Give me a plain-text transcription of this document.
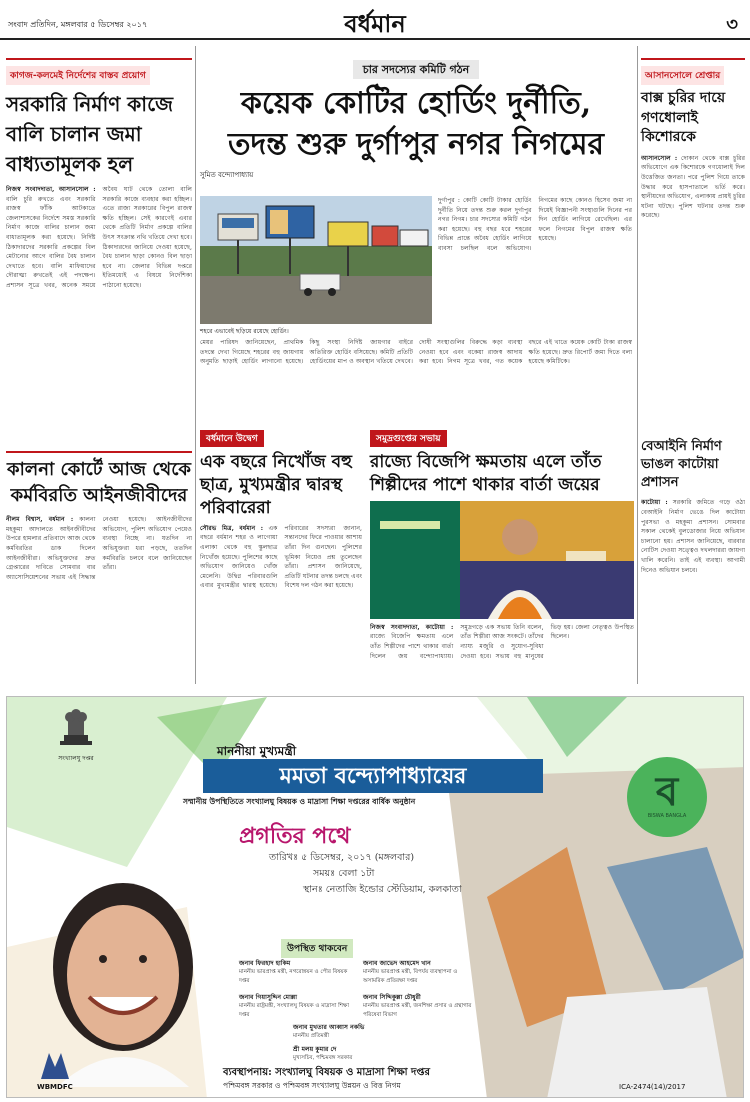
সংবাদ প্রতিদিন, মঙ্গলবার ৫ ডিসেম্বর ২০১৭	বর্ধমান	৩
কাগজ-কলমেই নির্দেশের বাস্তব প্রয়োগ
সরকারি নির্মাণ কাজে বালি চালান জমা বাধ্যতামূলক হল
নিজস্ব সংবাদদাতা, আসানসোল : বালি চুরি রুখতে এবং সরকারি রাজস্ব ফাঁকি আটকাতে জেলাশাসকের নির্দেশে সমস্ত সরকারি নির্মাণ কাজে বালির চালান জমা বাধ্যতামূলক করা হয়েছে। নির্দিষ্ট ঠিকাদারদের সরকারি প্রকল্পের বিল মেটানোর আগে বালির বৈধ চালান দেখাতে হবে। বালি মাফিয়াদের দৌরাত্ম্য রুখতেই এই পদক্ষেপ। প্রশাসন সূত্রে খবর, অনেক সময়ে অবৈধ ঘাট থেকে তোলা বালি সরকারি কাজে ব্যবহার করা হচ্ছিল। এতে রাজ্য সরকারের বিপুল রাজস্ব ক্ষতি হচ্ছিল। সেই কারণেই এবার থেকে প্রতিটি নির্মাণ প্রকল্পে বালির উৎস সংক্রান্ত নথি খতিয়ে দেখা হবে। ঠিকাদারদের জানিয়ে দেওয়া হয়েছে, বৈধ চালান ছাড়া কোনও বিল ছাড়া হবে না। জেলার বিভিন্ন দপ্তরে ইতিমধ্যেই এ বিষয়ে নির্দেশিকা পাঠানো হয়েছে।
কালনা কোর্টে আজ থেকে কর্মবিরতি আইনজীবীদের
নীলম বিশ্বাস, বর্ধমান : কালনা মহকুমা আদালতে আইনজীবীদের উপরে হামলার প্রতিবাদে আজ থেকে কর্মবিরতির ডাক দিলেন আইনজীবীরা। অভিযুক্তদের দ্রুত গ্রেপ্তারের দাবিতে সোমবার বার অ্যাসোসিয়েশনের সভায় এই সিদ্ধান্ত নেওয়া হয়েছে। আইনজীবীদের অভিযোগ, পুলিশ অভিযোগ পেয়েও ব্যবস্থা নিচ্ছে না। যতদিন না অভিযুক্তরা ধরা পড়ছে, ততদিন কর্মবিরতি চলবে বলে জানিয়েছেন তাঁরা।
চার সদস্যের কমিটি গঠন
কয়েক কোটির হোর্ডিং দুর্নীতি,
তদন্ত শুরু দুর্গাপুর নগর নিগমের
সুমিত বন্দ্যোপাধ্যায়
শহরে এভাবেই ছড়িয়ে রয়েছে হোর্ডিং।
দুর্গাপুর : কোটি কোটি টাকার হোর্ডিং দুর্নীতি নিয়ে তদন্ত শুরু করল দুর্গাপুর নগর নিগম। চার সদস্যের কমিটি গঠন করা হয়েছে। বহু বছর ধরে শহরের বিভিন্ন প্রান্তে অবৈধ হোর্ডিং লাগিয়ে ব্যবসা চলছিল বলে অভিযোগ। নিগমের কাছে কোনও হিসেব জমা না দিয়েই বিজ্ঞাপনী সংস্থাগুলি দিনের পর দিন হোর্ডিং লাগিয়ে রেখেছিল। এর ফলে নিগমের বিপুল রাজস্ব ক্ষতি হয়েছে।
মেয়র পারিষদ জানিয়েছেন, প্রাথমিক তদন্তে দেখা গিয়েছে শহরের বহু জায়গায় অনুমতি ছাড়াই হোর্ডিং লাগানো হয়েছে। কিছু সংস্থা নির্দিষ্ট জায়গার বাইরে অতিরিক্ত হোর্ডিং বসিয়েছে। কমিটি প্রতিটি হোর্ডিংয়ের মাপ ও অবস্থান খতিয়ে দেখবে। দোষী সংস্থাগুলির বিরুদ্ধে কড়া ব্যবস্থা নেওয়া হবে এবং বকেয়া রাজস্ব আদায় করা হবে। নিগম সূত্রে খবর, গত কয়েক বছরে এই খাতে কয়েক কোটি টাকা রাজস্ব ক্ষতি হয়েছে। দ্রুত রিপোর্ট জমা দিতে বলা হয়েছে কমিটিকে।
বর্ধমানে উদ্বেগ
এক বছরে নিখোঁজ বহু ছাত্র, মুখ্যমন্ত্রীর দ্বারস্থ পরিবারেরা
সৌরভ মিত্র, বর্ধমান : এক বছরে বর্ধমান শহর ও লাগোয়া এলাকা থেকে বহু স্কুলছাত্র নিখোঁজ হয়েছে। পুলিশের কাছে অভিযোগ জানিয়েও খোঁজ মেলেনি। উদ্বিগ্ন পরিবারগুলি এবার মুখ্যমন্ত্রীর দ্বারস্থ হয়েছে। পরিবারের সদস্যরা জানান, সন্তানদের ফিরে পাওয়ার আশায় তাঁরা দিন গুনছেন। পুলিশের ভূমিকা নিয়েও প্রশ্ন তুলেছেন তাঁরা। প্রশাসন জানিয়েছে, প্রতিটি ঘটনার তদন্ত চলছে এবং বিশেষ দল গঠন করা হয়েছে।
সমুদ্রগুপ্তের সভায়
রাজ্যে বিজেপি ক্ষমতায় এলে তাঁত শিল্পীদের পাশে থাকার বার্তা জয়ের
নিজস্ব সংবাদদাতা, কাটোয়া : রাজ্যে বিজেপি ক্ষমতায় এলে তাঁত শিল্পীদের পাশে থাকার বার্তা দিলেন জয় বন্দ্যোপাধ্যায়। সমুদ্রগড়ে এক সভায় তিনি বলেন, তাঁত শিল্পীরা আজ সংকটে। তাঁদের ন্যায্য মজুরি ও সুযোগ-সুবিধা দেওয়া হবে। সভায় বহু মানুষের ভিড় হয়। জেলা নেতৃত্বও উপস্থিত ছিলেন।
আসানসোলে শ্রেপ্তার
বাক্স চুরির দায়ে গণধোলাই কিশোরকে
আসানসোল : দোকান থেকে বাক্স চুরির অভিযোগে এক কিশোরকে গণধোলাই দিল উত্তেজিত জনতা। পরে পুলিশ গিয়ে তাকে উদ্ধার করে হাসপাতালে ভর্তি করে। স্থানীয়দের অভিযোগ, এলাকায় প্রায়ই চুরির ঘটনা ঘটছে। পুলিশ ঘটনার তদন্ত শুরু করেছে।
বেআইনি নির্মাণ ভাঙল কাটোয়া প্রশাসন
কাটোয়া : সরকারি জমিতে গড়ে ওঠা বেআইনি নির্মাণ ভেঙে দিল কাটোয়া পুরসভা ও মহকুমা প্রশাসন। সোমবার সকাল থেকেই বুলডোজার নিয়ে অভিযান চালানো হয়। প্রশাসন জানিয়েছে, বারবার নোটিস দেওয়া সত্ত্বেও দখলদাররা জায়গা খালি করেনি। তাই এই ব্যবস্থা। আগামী দিনেও অভিযান চলবে।
সংখ্যালঘু দপ্তর
ব
BISWA BANGLA
মাননীয়া মুখ্যমন্ত্রী
মমতা বন্দ্যোপাধ্যায়ের
সম্মানীয় উপস্থিতিতে সংখ্যালঘু বিষয়ক ও মাদ্রাসা শিক্ষা দপ্তরের বার্ষিক অনুষ্ঠান
প্রগতির পথে
তারিখঃ ৫ ডিসেম্বর, ২০১৭ (মঙ্গলবার)
সময়ঃ বেলা ১টা
স্থানঃ নেতাজি ইন্ডোর স্টেডিয়াম, কলকাতা
উপস্থিত থাকবেন
জনাব ফিরহাদ হাকিম
মাননীয় ভারপ্রাপ্ত মন্ত্রী, নগরোন্নয়ন ও পৌর বিষয়ক দপ্তর
জনাব জাভেদ আহমেদ খান
মাননীয় ভারপ্রাপ্ত মন্ত্রী, বিপর্যয় ব্যবস্থাপনা ও অসামরিক প্রতিরক্ষা দপ্তর
জনাব গিয়াসুদ্দিন মোল্লা
মাননীয় রাষ্ট্রমন্ত্রী, সংখ্যালঘু বিষয়ক ও মাদ্রাসা শিক্ষা দপ্তর
জনাব সিদ্দিকুল্লা চৌধুরী
মাননীয় ভারপ্রাপ্ত মন্ত্রী, জনশিক্ষা প্রসার ও গ্রন্থাগার পরিষেবা বিভাগ
জনাব মুখতার আব্বাস নকভি
মাননীয় প্রতিমন্ত্রী
শ্রী মলয় কুমার দে
মুখ্যসচিব, পশ্চিমবঙ্গ সরকার
WBMDFC
ব্যবস্থাপনায়: সংখ্যালঘু বিষয়ক ও মাদ্রাসা শিক্ষা দপ্তর
পশ্চিমবঙ্গ সরকার ও পশ্চিমবঙ্গ সংখ্যালঘু উন্নয়ন ও বিত্ত নিগম	ICA-2474(14)/2017
